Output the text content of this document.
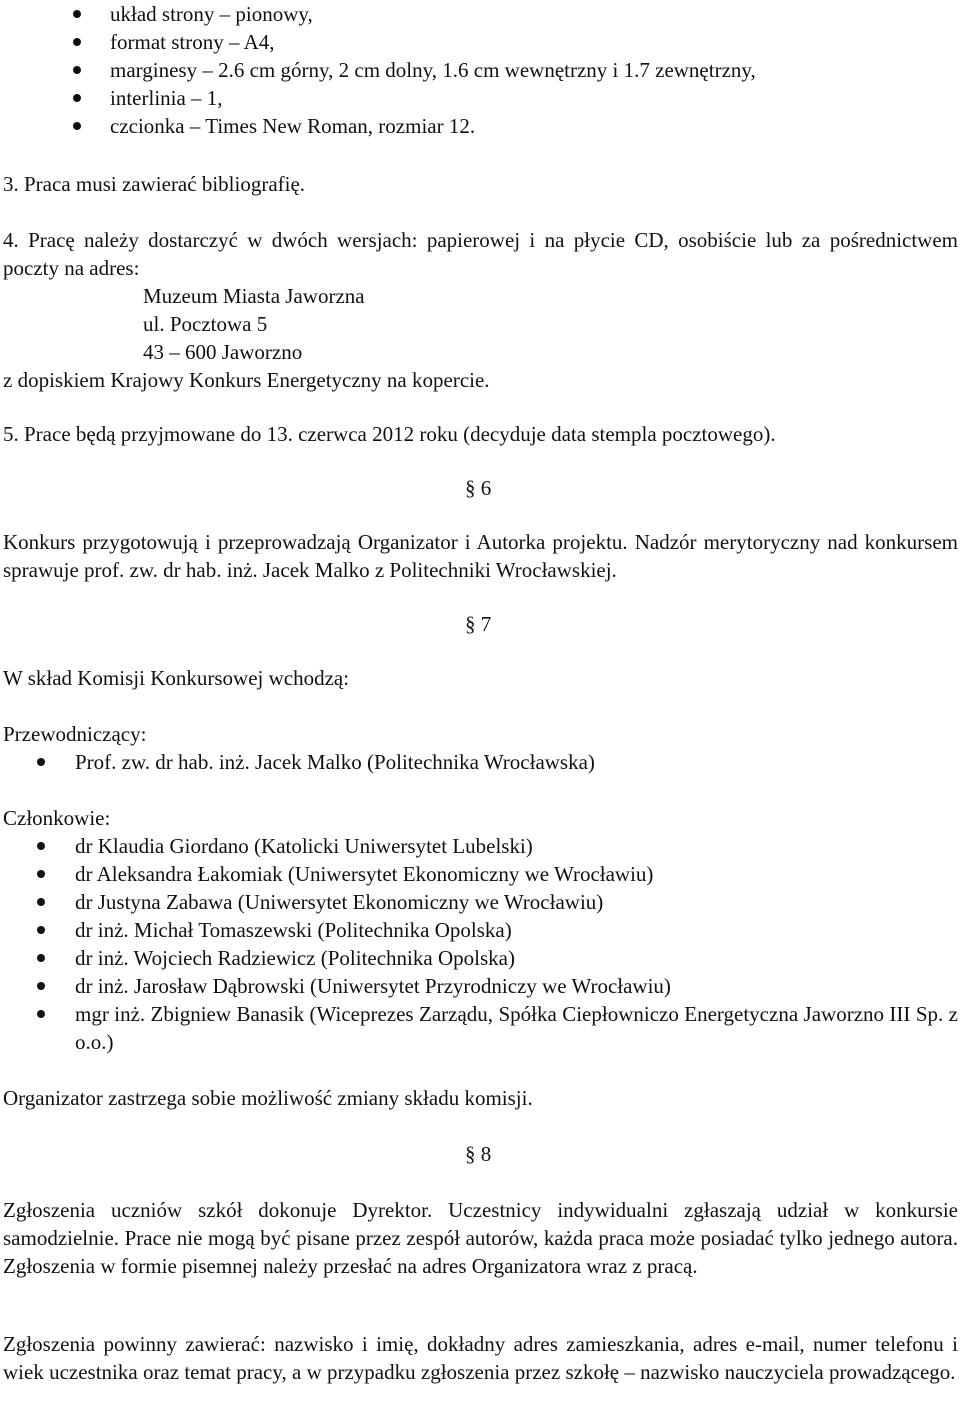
układ strony – pionowy,
format strony – A4,
marginesy – 2.6 cm górny, 2 cm dolny, 1.6 cm wewnętrzny i 1.7 zewnętrzny,
interlinia – 1,
czcionka – Times New Roman, rozmiar 12.
3. Praca musi zawierać bibliografię.
4. Pracę należy dostarczyć w dwóch wersjach: papierowej i na płycie CD, osobiście lub za pośrednictwem poczty na adres:
Muzeum Miasta Jaworzna
ul. Pocztowa 5
43 – 600 Jaworzno
z dopiskiem Krajowy Konkurs Energetyczny na kopercie.
5. Prace będą przyjmowane do 13. czerwca 2012 roku (decyduje data stempla pocztowego).
§ 6
Konkurs przygotowują i przeprowadzają Organizator i Autorka projektu. Nadzór merytoryczny nad konkursem sprawuje prof. zw. dr hab. inż. Jacek Malko z Politechniki Wrocławskiej.
§ 7
W skład Komisji Konkursowej wchodzą:
Przewodniczący:
Prof. zw. dr hab. inż. Jacek Malko (Politechnika Wrocławska)
Członkowie:
dr Klaudia Giordano (Katolicki Uniwersytet Lubelski)
dr Aleksandra Łakomiak (Uniwersytet Ekonomiczny we Wrocławiu)
dr Justyna Zabawa (Uniwersytet Ekonomiczny we Wrocławiu)
dr inż. Michał Tomaszewski (Politechnika Opolska)
dr inż. Wojciech Radziewicz (Politechnika Opolska)
dr inż. Jarosław Dąbrowski (Uniwersytet Przyrodniczy we Wrocławiu)
mgr inż. Zbigniew Banasik (Wiceprezes Zarządu, Spółka Ciepłowniczo Energetyczna Jaworzno III Sp. z o.o.)
Organizator zastrzega sobie możliwość zmiany składu komisji.
§ 8
Zgłoszenia uczniów szkół dokonuje Dyrektor. Uczestnicy indywidualni zgłaszają udział w konkursie samodzielnie. Prace nie mogą być pisane przez zespół autorów, każda praca może posiadać tylko jednego autora. Zgłoszenia w formie pisemnej należy przesłać na adres Organizatora wraz z pracą.
Zgłoszenia powinny zawierać: nazwisko i imię, dokładny adres zamieszkania, adres e-mail, numer telefonu i wiek uczestnika oraz temat pracy, a w przypadku zgłoszenia przez szkołę – nazwisko nauczyciela prowadzącego.
